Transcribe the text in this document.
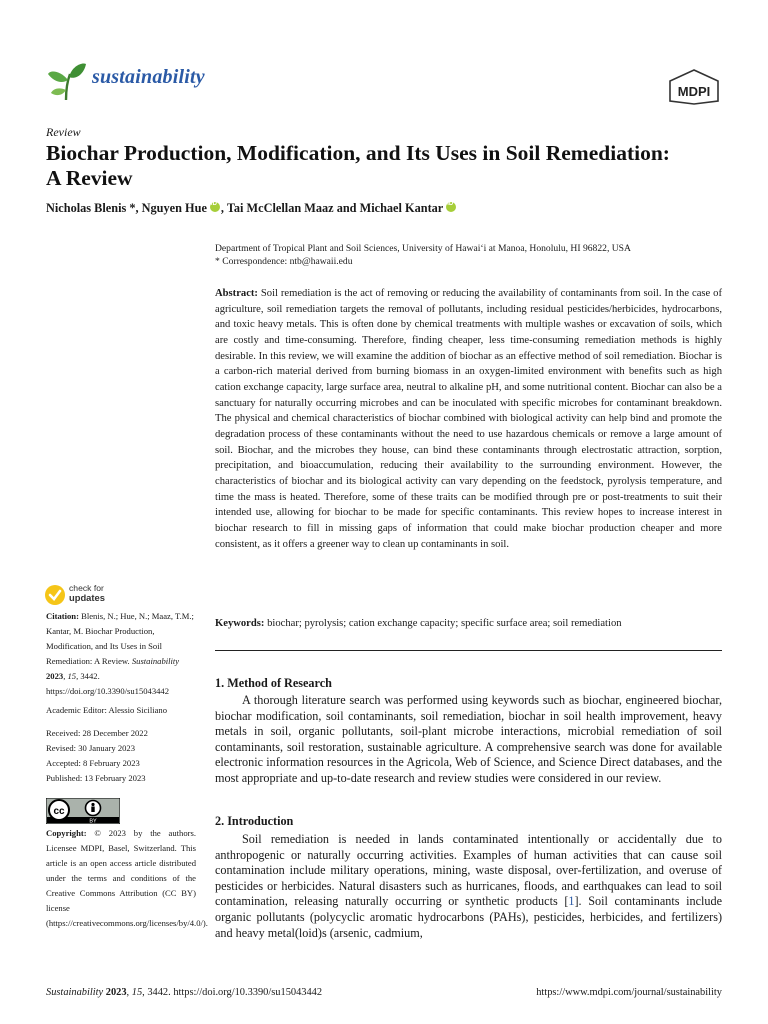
sustainability
MDPI
Review
Biochar Production, Modification, and Its Uses in Soil Remediation: A Review
Nicholas Blenis *, Nguyen HueiD , Tai McClellan Maaz and Michael KantariD
Department of Tropical Plant and Soil Sciences, University of Hawaiʻi at Manoa, Honolulu, HI 96822, USA
* Correspondence: ntb@hawaii.edu

Abstract: Soil remediation is the act of removing or reducing the availability of contaminants from soil. In the case of agriculture, soil remediation targets the removal of pollutants, including residual pesticides/herbicides, hydrocarbons, and toxic heavy metals. This is often done by chemical treatments with multiple washes or excavation of soils, which are costly and time-consuming. Therefore, finding cheaper, less time-consuming remediation methods is highly desirable. In this review, we will examine the addition of biochar as an effective method of soil remediation. Biochar is a carbon-rich material derived from burning biomass in an oxygen-limited environment with benefits such as high cation exchange capacity, large surface area, neutral to alkaline pH, and some nutritional content. Biochar can also be a sanctuary for naturally occurring microbes and can be inoculated with specific microbes for contaminant breakdown. The physical and chemical characteristics of biochar combined with biological activity can help bind and promote the degradation process of these contaminants without the need to use hazardous chemicals or remove a large amount of soil. Biochar, and the microbes they house, can bind these contaminants through electrostatic attraction, sorption, precipitation, and bioaccumulation, reducing their availability to the surrounding environment. However, the characteristics of biochar and its biological activity can vary depending on the feedstock, pyrolysis temperature, and time the mass is heated. Therefore, some of these traits can be modified through pre or post-treatments to suit their intended use, allowing for biochar to be made for specific contaminants. This review hopes to increase interest in biochar research to fill in missing gaps of information that could make biochar production cheaper and more consistent, as it offers a greener way to clean up contaminants in soil.

Keywords: biochar; pyrolysis; cation exchange capacity; specific surface area; soil remediation
1. Method of Research

A thorough literature search was performed using keywords such as biochar, engineered biochar, biochar modification, soil contaminants, soil remediation, biochar in soil health improvement, heavy metals in soil, organic pollutants, soil-plant microbe interactions, microbial remediation of soil contaminants, soil restoration, sustainable agriculture. A comprehensive search was done for available electronic information resources in the Agricola, Web of Science, and Science Direct databases, and the most appropriate and up-to-date research and review studies were considered in our review.

2. Introduction

Soil remediation is needed in lands contaminated intentionally or accidentally due to anthropogenic or naturally occurring activities. Examples of human activities that can cause soil contamination include military operations, mining, waste disposal, over-fertilization, and overuse of pesticides or herbicides. Natural disasters such as hurricanes, floods, and earthquakes can lead to soil contamination, releasing naturally occurring or synthetic products [1]. Soil contaminants include organic pollutants (polycyclic aromatic hydrocarbons (PAHs), pesticides, herbicides, and fertilizers) and heavy metal(loid)s (arsenic, cadmium,

check for
updates
Citation: Blenis, N.; Hue, N.; Maaz, T.M.; Kantar, M. Biochar Production, Modification, and Its Uses in Soil Remediation: A Review. Sustainability 2023, 15, 3442. https://doi.org/10.3390/su15043442
Academic Editor: Alessio Siciliano
Received: 28 December 2022
Revised: 30 January 2023
Accepted: 8 February 2023
Published: 13 February 2023
cc
BY
Copyright: © 2023 by the authors. Licensee MDPI, Basel, Switzerland. This article is an open access article distributed under the terms and conditions of the Creative Commons Attribution (CC BY) license (https://creativecommons.org/licenses/by/4.0/).
Sustainability 2023, 15, 3442. https://doi.org/10.3390/su15043442	https://www.mdpi.com/journal/sustainability
